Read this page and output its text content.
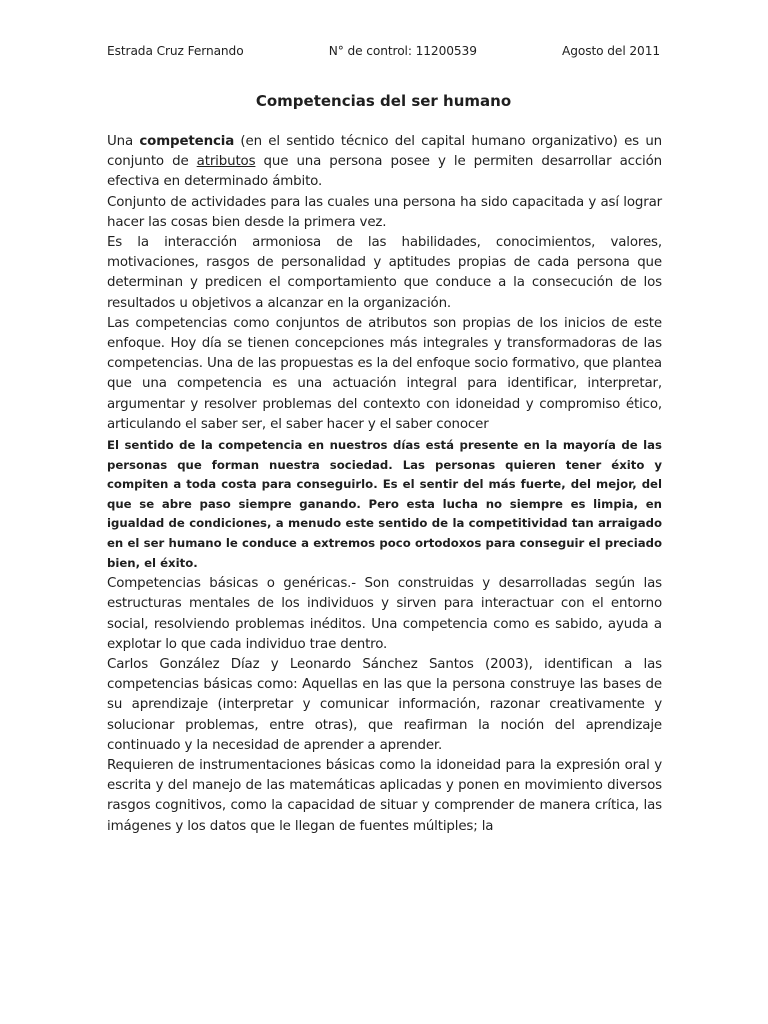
Estrada Cruz Fernando	N° de control: 11200539	Agosto del 2011
Competencias del ser humano

Una competencia (en el sentido técnico del capital humano organizativo) es un conjunto de atributos que una persona posee y le permiten desarrollar acción efectiva en determinado ámbito.

Conjunto de actividades para las cuales una persona ha sido capacitada y así lograr hacer las cosas bien desde la primera vez.

Es la interacción armoniosa de las habilidades, conocimientos, valores, motivaciones, rasgos de personalidad y aptitudes propias de cada persona que determinan y predicen el comportamiento que conduce a la consecución de los resultados u objetivos a alcanzar en la organización.

Las competencias como conjuntos de atributos son propias de los inicios de este enfoque. Hoy día se tienen concepciones más integrales y transformadoras de las competencias. Una de las propuestas es la del enfoque socio formativo, que plantea que una competencia es una actuación integral para identificar, interpretar, argumentar y resolver problemas del contexto con idoneidad y compromiso ético, articulando el saber ser, el saber hacer y el saber conocer

El sentido de la competencia en nuestros días está presente en la mayoría de las personas que forman nuestra sociedad. Las personas quieren tener éxito y compiten a toda costa para conseguirlo. Es el sentir del más fuerte, del mejor, del que se abre paso siempre ganando. Pero esta lucha no siempre es limpia, en igualdad de condiciones, a menudo este sentido de la competitividad tan arraigado en el ser humano le conduce a extremos poco ortodoxos para conseguir el preciado bien, el éxito.

Competencias básicas o genéricas.- Son construidas y desarrolladas según las estructuras mentales de los individuos y sirven para interactuar con el entorno social, resolviendo problemas inéditos. Una competencia como es sabido, ayuda a explotar lo que cada individuo trae dentro.

Carlos González Díaz y Leonardo Sánchez Santos (2003), identifican a las competencias básicas como: Aquellas en las que la persona construye las bases de su aprendizaje (interpretar y comunicar información, razonar creativamente y solucionar problemas, entre otras), que reafirman la noción del aprendizaje continuado y la necesidad de aprender a aprender.

Requieren de instrumentaciones básicas como la idoneidad para la expresión oral y escrita y del manejo de las matemáticas aplicadas y ponen en movimiento diversos rasgos cognitivos, como la capacidad de situar y comprender de manera crítica, las imágenes y los datos que le llegan de fuentes múltiples; la
